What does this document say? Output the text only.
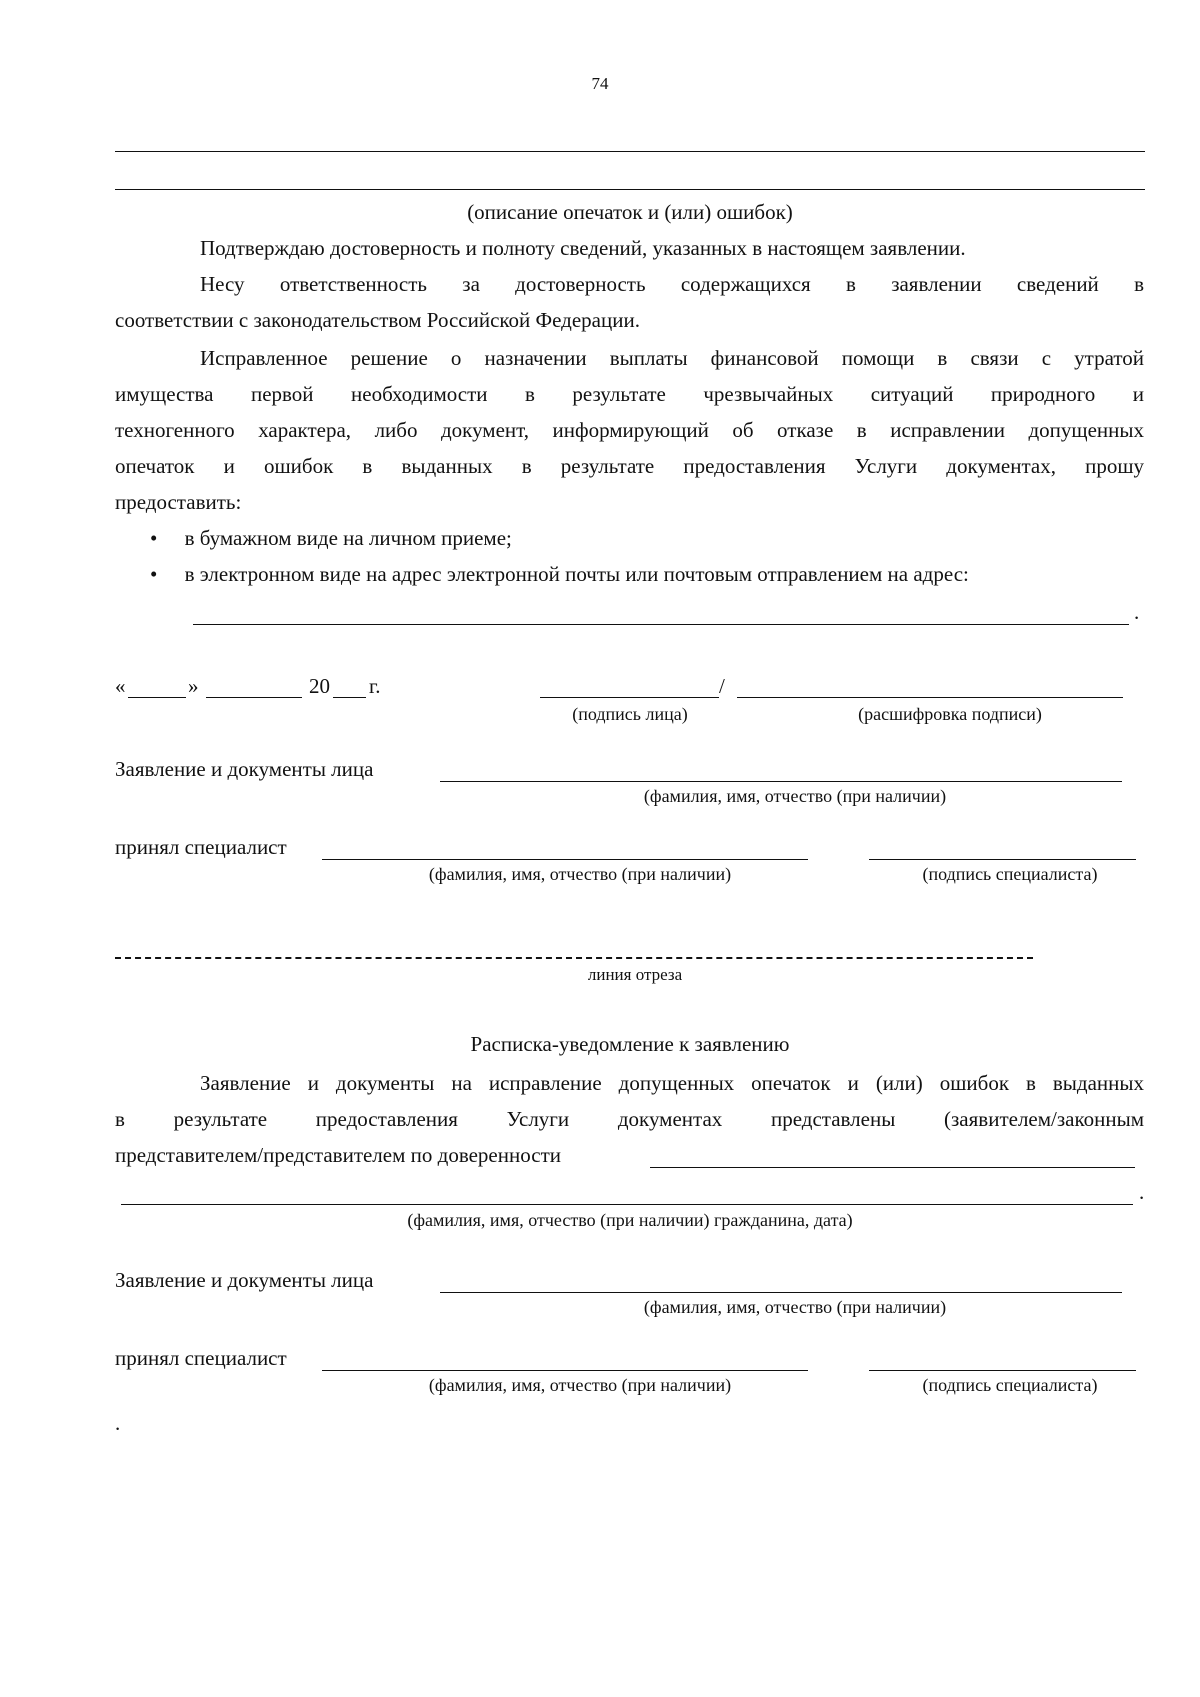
74
(описание опечаток и (или) ошибок)
Подтверждаю достоверность и полноту сведений, указанных в настоящем заявлении.
Несу ответственность за достоверность содержащихся в заявлении сведений в
соответствии с законодательством Российской Федерации.
Исправленное решение о назначении выплаты финансовой помощи в связи с утратой
имущества первой необходимости в результате чрезвычайных ситуаций природного и
техногенного характера, либо документ, информирующий об отказе в исправлении допущенных
опечаток и ошибок в выданных в результате предоставления Услуги документах, прошу
предоставить:
• в бумажном виде на личном приеме;
• в электронном виде на адрес электронной почты или почтовым отправлением на адрес:
.
«	»	20 г.	/
(подпись лица)	(расшифровка подписи)
Заявление и документы лица
(фамилия, имя, отчество (при наличии)
принял специалист
(фамилия, имя, отчество (при наличии)	(подпись специалиста)
линия отреза
Расписка-уведомление к заявлению
Заявление и документы на исправление допущенных опечаток и (или) ошибок в выданных
в результате предоставления Услуги документах представлены (заявителем/законным
представителем/представителем по доверенности
.
(фамилия, имя, отчество (при наличии) гражданина, дата)
Заявление и документы лица
(фамилия, имя, отчество (при наличии)
принял специалист
(фамилия, имя, отчество (при наличии)	(подпись специалиста)
.
